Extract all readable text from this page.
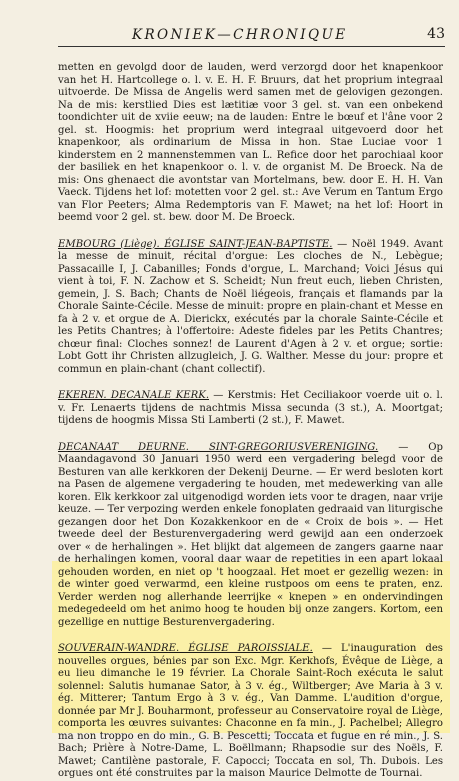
KRONIEK—CHRONIQUE	43

metten en gevolgd door de lauden, werd verzorgd door het knapenkoor van het H. Hartcollege o. l. v. E. H. F. Bruurs, dat het proprium integraal uitvoerde. De Missa de Angelis werd samen met de gelovigen gezongen. Na de mis: kerstlied Dies est lætitiæ voor 3 gel. st. van een onbekend toondichter uit de xviie eeuw; na de lauden: Entre le bœuf et l'âne voor 2 gel. st. Hoogmis: het proprium werd integraal uitgevoerd door het knapenkoor, als ordinarium de Missa in hon. Stae Luciae voor 1 kinderstem en 2 mannenstemmen van L. Refice door het parochiaal koor der basiliek en het knapenkoor o. l. v. de organist M. De Broeck. Na de mis: Ons ghenaect die avontstar van Mortelmans, bew. door E. H. H. Van Vaeck. Tijdens het lof: motetten voor 2 gel. st.: Ave Verum en Tantum Ergo van Flor Peeters; Alma Redemptoris van F. Mawet; na het lof: Hoort in beemd voor 2 gel. st. bew. door M. De Broeck.

EMBOURG (Liège). ÉGLISE SAINT-JEAN-BAPTISTE. — Noël 1949. Avant la messe de minuit, récital d'orgue: Les cloches de N., Lebègue; Passacaille I, J. Cabanilles; Fonds d'orgue, L. Marchand; Voici Jésus qui vient à toi, F. N. Zachow et S. Scheidt; Nun freut euch, lieben Christen, gemein, J. S. Bach; Chants de Noël liégeois, français et flamands par la Chorale Sainte-Cécile. Messe de minuit: propre en plain-chant et Messe en fa à 2 v. et orgue de A. Dierickx, exécutés par la chorale Sainte-Cécile et les Petits Chantres; à l'offertoire: Adeste fideles par les Petits Chantres; chœur final: Cloches sonnez! de Laurent d'Agen à 2 v. et orgue; sortie: Lobt Gott ihr Christen allzugleich, J. G. Walther. Messe du jour: propre et commun en plain-chant (chant collectif).

EKEREN. DECANALE KERK. — Kerstmis: Het Ceciliakoor voerde uit o. l. v. Fr. Lenaerts tijdens de nachtmis Missa secunda (3 st.), A. Moortgat; tijdens de hoogmis Missa Sti Lamberti (2 st.), F. Mawet.

DECANAAT DEURNE. SINT-GREGORIUSVERENIGING. — Op Maandagavond 30 Januari 1950 werd een vergadering belegd voor de Besturen van alle kerkkoren der Dekenij Deurne. — Er werd besloten kort na Pasen de algemene vergadering te houden, met medewerking van alle koren. Elk kerkkoor zal uitgenodigd worden iets voor te dragen, naar vrije keuze. — Ter verpozing werden enkele fonoplaten gedraaid van liturgische gezangen door het Don Kozakkenkoor en de « Croix de bois ». — Het tweede deel der Besturenvergadering werd gewijd aan een onderzoek over « de herhalingen ». Het blijkt dat algemeen de zangers gaarne naar de herhalingen komen, vooral daar waar de repetities in een apart lokaal gehouden worden, en niet op 't hoogzaal. Het moet er gezellig wezen: in de winter goed verwarmd, een kleine rustpoos om eens te praten, enz. Verder werden nog allerhande leerrijke « knepen » en ondervindingen medegedeeld om het animo hoog te houden bij onze zangers. Kortom, een gezellige en nuttige Besturenvergadering.

SOUVERAIN-WANDRE. ÉGLISE PAROISSIALE. — L'inauguration des nouvelles orgues, bénies par son Exc. Mgr. Kerkhofs, Évêque de Liège, a eu lieu dimanche le 19 février. La Chorale Saint-Roch exécuta le salut solennel: Salutis humanae Sator, à 3 v. ég., Wiltberger; Ave Maria à 3 v. ég. Mitterer; Tantum Ergo à 3 v. ég., Van Damme. L'audition d'orgue, donnée par Mr J. Bouharmont, professeur au Conservatoire royal de Liège, comporta les œuvres suivantes: Chaconne en fa min., J. Pachelbel; Allegro ma non troppo en do min., G. B. Pescetti; Toccata et fugue en ré min., J. S. Bach; Prière à Notre-Dame, L. Boëllmann; Rhapsodie sur des Noëls, F. Mawet; Cantilène pastorale, F. Capocci; Toccata en sol, Th. Dubois. Les orgues ont été construites par la maison Maurice Delmotte de Tournai.
